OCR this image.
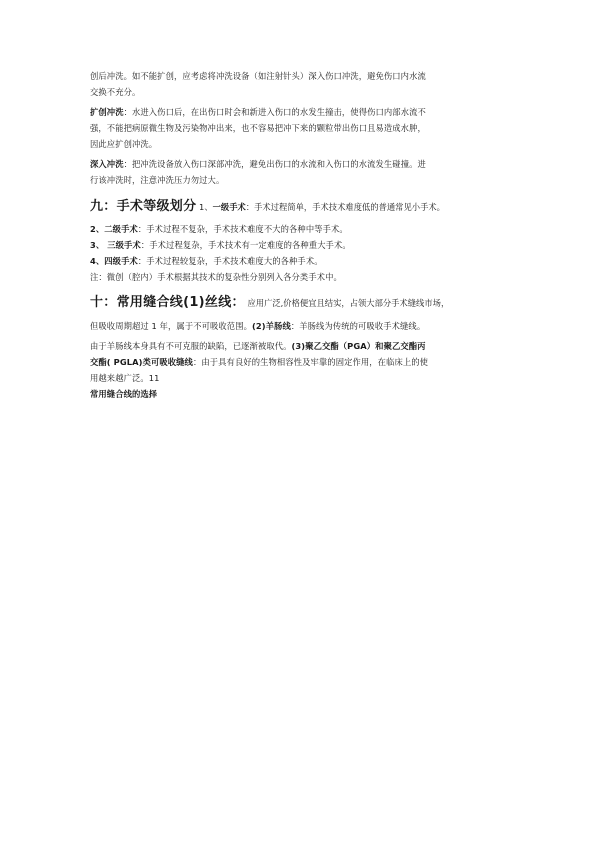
创后冲洗。如不能扩创，应考虑将冲洗设备（如注射针头）深入伤口冲洗，避免伤口内水流

交换不充分。

扩创冲洗：水进入伤口后，在出伤口时会和新进入伤口的水发生撞击，使得伤口内部水流不

强，不能把病原微生物及污染物冲出来，也不容易把冲下来的颗粒带出伤口且易造成水肿，

因此应扩创冲洗。

深入冲洗：把冲洗设备放入伤口深部冲洗，避免出伤口的水流和入伤口的水流发生碰撞。进

行该冲洗时，注意冲洗压力勿过大。

九：手术等级划分 1、一级手术：手术过程简单，手术技术难度低的普通常见小手术。

2、二级手术：手术过程不复杂，手术技术难度不大的各种中等手术。

3、 三级手术：手术过程复杂，手术技术有一定难度的各种重大手术。

4、四级手术：手术过程较复杂，手术技术难度大的各种手术。

注：微创（腔内）手术根据其技术的复杂性分别列入各分类手术中。

十：常用缝合线(1)丝线： 应用广泛,价格便宜且结实，占领大部分手术缝线市场，

但吸收周期超过 1 年，属于不可吸收范围。(2)羊肠线：羊肠线为传统的可吸收手术缝线。

由于羊肠线本身具有不可克服的缺陷，已逐渐被取代。(3)聚乙交酯（PGA）和聚乙交酯丙

交酯( PGLA)类可吸收缝线：由于具有良好的生物相容性及牢靠的固定作用，在临床上的使

用越来越广泛。11

常用缝合线的选择
